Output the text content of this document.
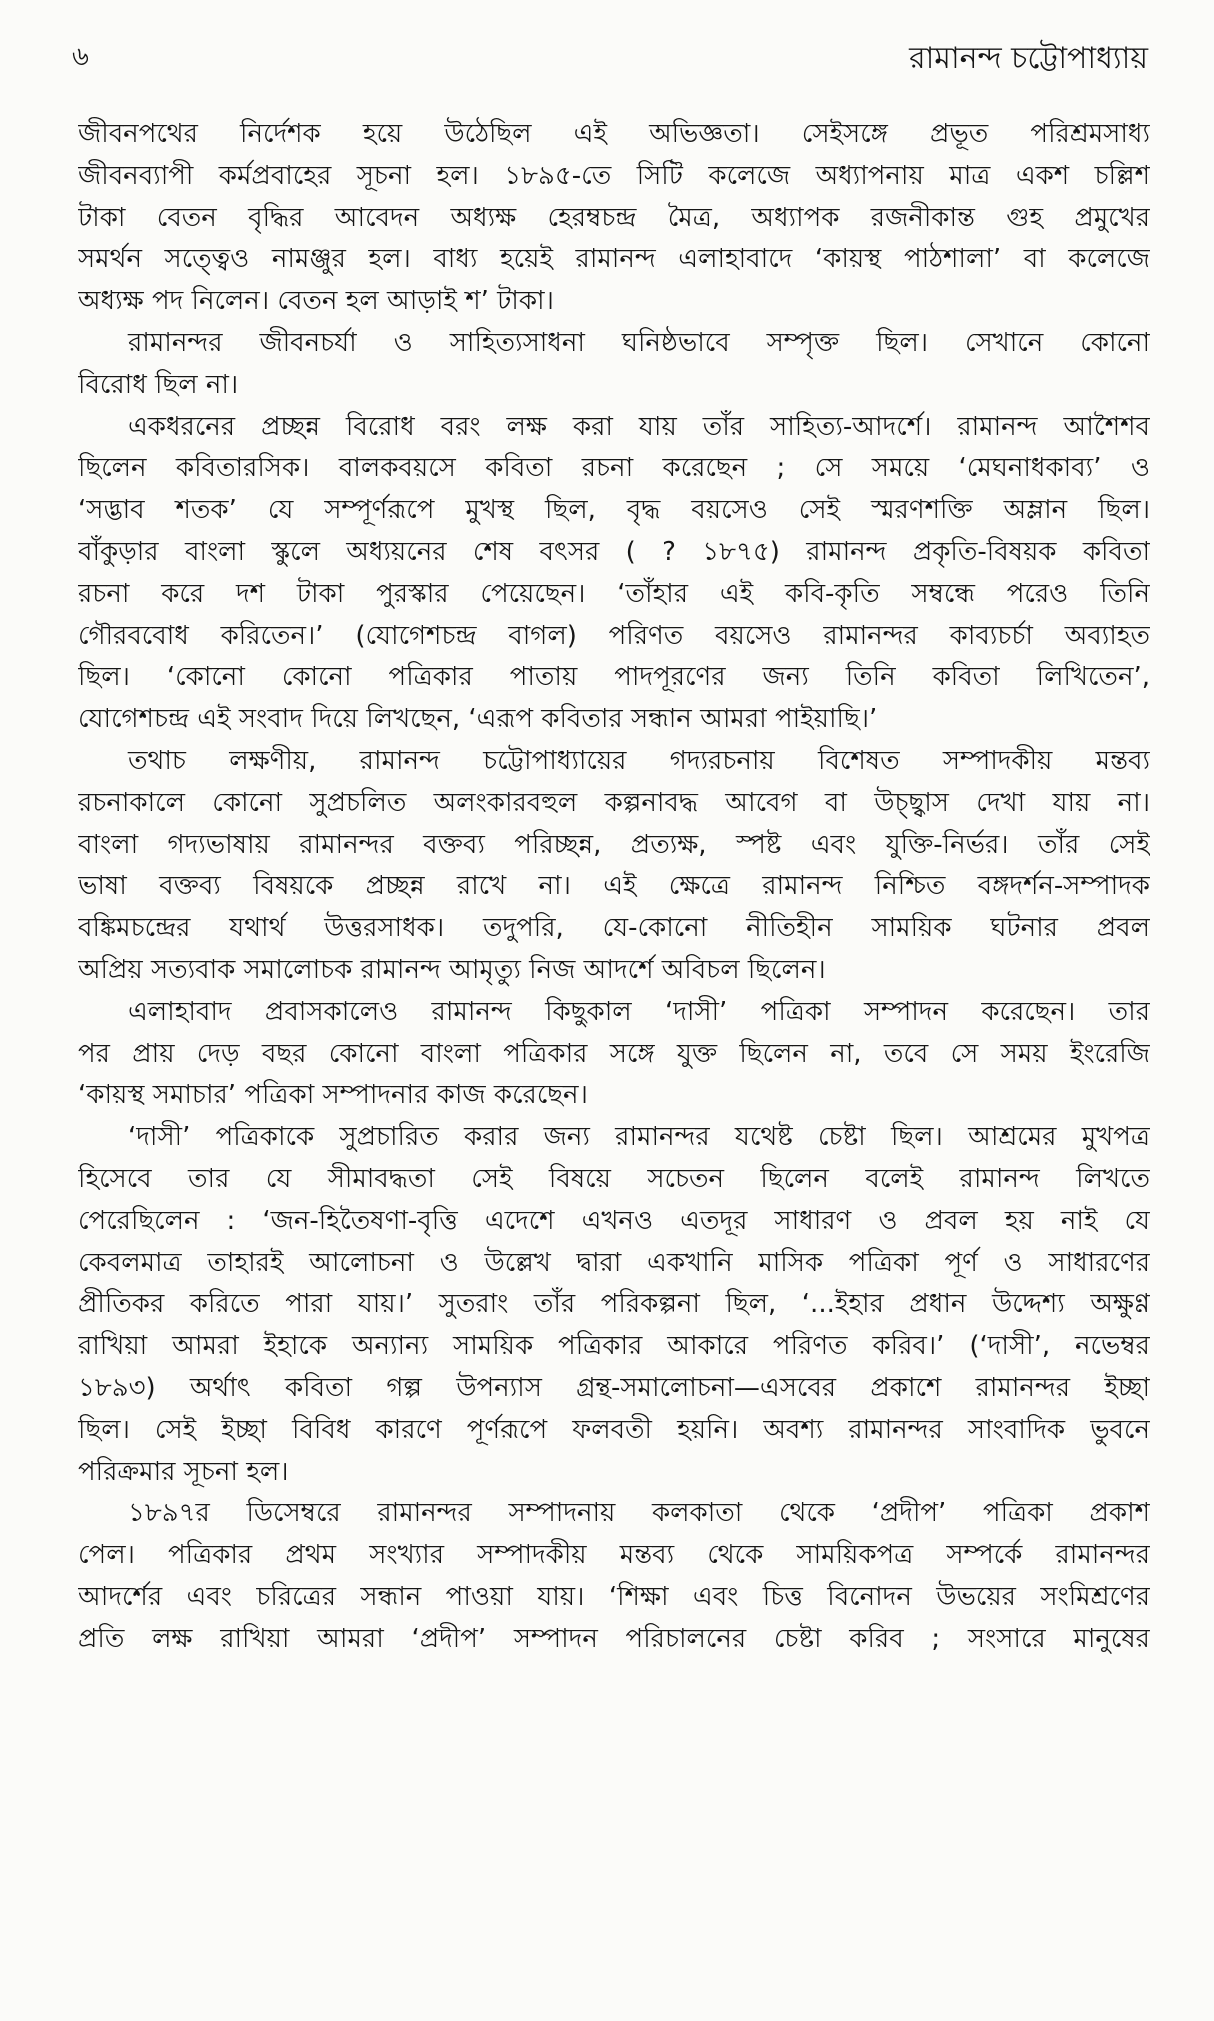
৬	রামানন্দ চট্টোপাধ্যায়
জীবনপথের নির্দেশক হয়ে উঠেছিল এই অভিজ্ঞতা। সেইসঙ্গে প্রভূত পরিশ্রমসাধ্য
জীবনব্যাপী কর্মপ্রবাহের সূচনা হল। ১৮৯৫-তে সিটি কলেজে অধ্যাপনায় মাত্র একশ চল্লিশ
টাকা বেতন বৃদ্ধির আবেদন অধ্যক্ষ হেরম্বচন্দ্র মৈত্র, অধ্যাপক রজনীকান্ত গুহ প্রমুখের
সমর্থন সত্ত্বেও নামঞ্জুর হল। বাধ্য হয়েই রামানন্দ এলাহাবাদে ‘কায়স্থ পাঠশালা’ বা কলেজে
অধ্যক্ষ পদ নিলেন। বেতন হল আড়াই শ’ টাকা।
রামানন্দর জীবনচর্যা ও সাহিত্যসাধনা ঘনিষ্ঠভাবে সম্পৃক্ত ছিল। সেখানে কোনো
বিরোধ ছিল না।
একধরনের প্রচ্ছন্ন বিরোধ বরং লক্ষ করা যায় তাঁর সাহিত্য-আদর্শে। রামানন্দ আশৈশব
ছিলেন কবিতারসিক। বালকবয়সে কবিতা রচনা করেছেন ; সে সময়ে ‘মেঘনাধকাব্য’ ও
‘সদ্ভাব শতক’ যে সম্পূর্ণরূপে মুখস্থ ছিল, বৃদ্ধ বয়সেও সেই স্মরণশক্তি অম্লান ছিল।
বাঁকুড়ার বাংলা স্কুলে অধ্যয়নের শেষ বৎসর ( ? ১৮৭৫) রামানন্দ প্রকৃতি-বিষয়ক কবিতা
রচনা করে দশ টাকা পুরস্কার পেয়েছেন। ‘তাঁহার এই কবি-কৃতি সম্বন্ধে পরেও তিনি
গৌরববোধ করিতেন।’ (যোগেশচন্দ্র বাগল) পরিণত বয়সেও রামানন্দর কাব্যচর্চা অব্যাহত
ছিল। ‘কোনো কোনো পত্রিকার পাতায় পাদপূরণের জন্য তিনি কবিতা লিখিতেন’,
যোগেশচন্দ্র এই সংবাদ দিয়ে লিখছেন, ‘এরূপ কবিতার সন্ধান আমরা পাইয়াছি।’
তথাচ লক্ষণীয়, রামানন্দ চট্টোপাধ্যায়ের গদ্যরচনায় বিশেষত সম্পাদকীয় মন্তব্য
রচনাকালে কোনো সুপ্রচলিত অলংকারবহুল কল্পনাবদ্ধ আবেগ বা উচ্ছ্বাস দেখা যায় না।
বাংলা গদ্যভাষায় রামানন্দর বক্তব্য পরিচ্ছন্ন, প্রত্যক্ষ, স্পষ্ট এবং যুক্তি-নির্ভর। তাঁর সেই
ভাষা বক্তব্য বিষয়কে প্রচ্ছন্ন রাখে না। এই ক্ষেত্রে রামানন্দ নিশ্চিত বঙ্গদর্শন-সম্পাদক
বঙ্কিমচন্দ্রের যথার্থ উত্তরসাধক। তদুপরি, যে-কোনো নীতিহীন সাময়িক ঘটনার প্রবল
অপ্রিয় সত্যবাক সমালোচক রামানন্দ আমৃত্যু নিজ আদর্শে অবিচল ছিলেন।
এলাহাবাদ প্রবাসকালেও রামানন্দ কিছুকাল ‘দাসী’ পত্রিকা সম্পাদন করেছেন। তার
পর প্রায় দেড় বছর কোনো বাংলা পত্রিকার সঙ্গে যুক্ত ছিলেন না, তবে সে সময় ইংরেজি
‘কায়স্থ সমাচার’ পত্রিকা সম্পাদনার কাজ করেছেন।
‘দাসী’ পত্রিকাকে সুপ্রচারিত করার জন্য রামানন্দর যথেষ্ট চেষ্টা ছিল। আশ্রমের মুখপত্র
হিসেবে তার যে সীমাবদ্ধতা সেই বিষয়ে সচেতন ছিলেন বলেই রামানন্দ লিখতে
পেরেছিলেন : ‘জন-হিতৈষণা-বৃত্তি এদেশে এখনও এতদূর সাধারণ ও প্রবল হয় নাই যে
কেবলমাত্র তাহারই আলোচনা ও উল্লেখ দ্বারা একখানি মাসিক পত্রিকা পূর্ণ ও সাধারণের
প্রীতিকর করিতে পারা যায়।’ সুতরাং তাঁর পরিকল্পনা ছিল, ‘...ইহার প্রধান উদ্দেশ্য অক্ষুণ্ণ
রাখিয়া আমরা ইহাকে অন্যান্য সাময়িক পত্রিকার আকারে পরিণত করিব।’ (‘দাসী’, নভেম্বর
১৮৯৩) অর্থাৎ কবিতা গল্প উপন্যাস গ্রন্থ-সমালোচনা—এসবের প্রকাশে রামানন্দর ইচ্ছা
ছিল। সেই ইচ্ছা বিবিধ কারণে পূর্ণরূপে ফলবতী হয়নি। অবশ্য রামানন্দর সাংবাদিক ভুবনে
পরিক্রমার সূচনা হল।
১৮৯৭র ডিসেম্বরে রামানন্দর সম্পাদনায় কলকাতা থেকে ‘প্রদীপ’ পত্রিকা প্রকাশ
পেল। পত্রিকার প্রথম সংখ্যার সম্পাদকীয় মন্তব্য থেকে সাময়িকপত্র সম্পর্কে রামানন্দর
আদর্শের এবং চরিত্রের সন্ধান পাওয়া যায়। ‘শিক্ষা এবং চিত্ত বিনোদন উভয়ের সংমিশ্রণের
প্রতি লক্ষ রাখিয়া আমরা ‘প্রদীপ’ সম্পাদন পরিচালনের চেষ্টা করিব ; সংসারে মানুষের
